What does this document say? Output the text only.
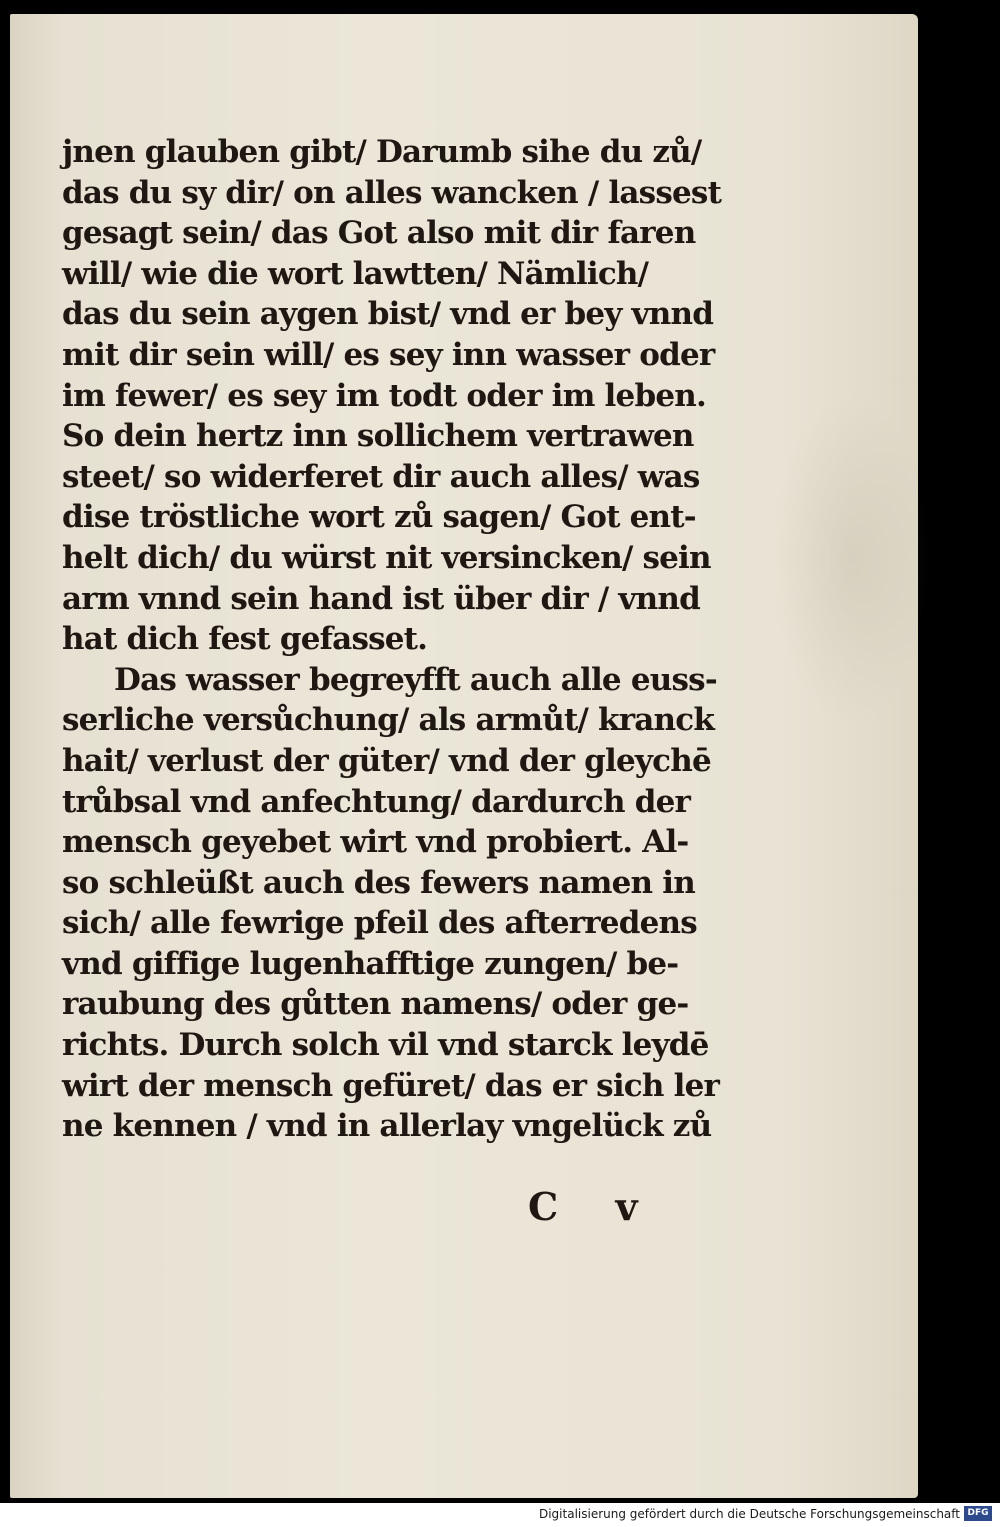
jnen glauben gibt/ Darumb sihe du zů/
das du sy dir/ on alles wancken / lassest
gesagt sein/ das Got also mit dir faren
will/ wie die wort lawtten/ Nämlich/
das du sein aygen bist/ vnd er bey vnnd
mit dir sein will/ es sey inn wasser oder
im fewer/ es sey im todt oder im leben.
So dein hertz inn sollichem vertrawen
steet/ so widerferet dir auch alles/ was
dise tröstliche wort zů sagen/ Got ent-
helt dich/ du würst nit versincken/ sein
arm vnnd sein hand ist über dir / vnnd
hat dich fest gefasset.
Das wasser begreyfft auch alle euss-
serliche versůchung/ als armůt/ kranck
hait/ verlust der güter/ vnd der gleychē
trůbsal vnd anfechtung/ dardurch der
mensch geyebet wirt vnd probiert. Al-
so schleüßt auch des fewers namen in
sich/ alle fewrige pfeil des afterredens
vnd giffige lugenhafftige zungen/ be-
raubung des gůtten namens/ oder ge-
richts. Durch solch vil vnd starck leydē
wirt der mensch gefüret/ das er sich ler
ne kennen / vnd in allerlay vngelück zů
C v
Digitalisierung gefördert durch die Deutsche Forschungsgemeinschaft DFG
